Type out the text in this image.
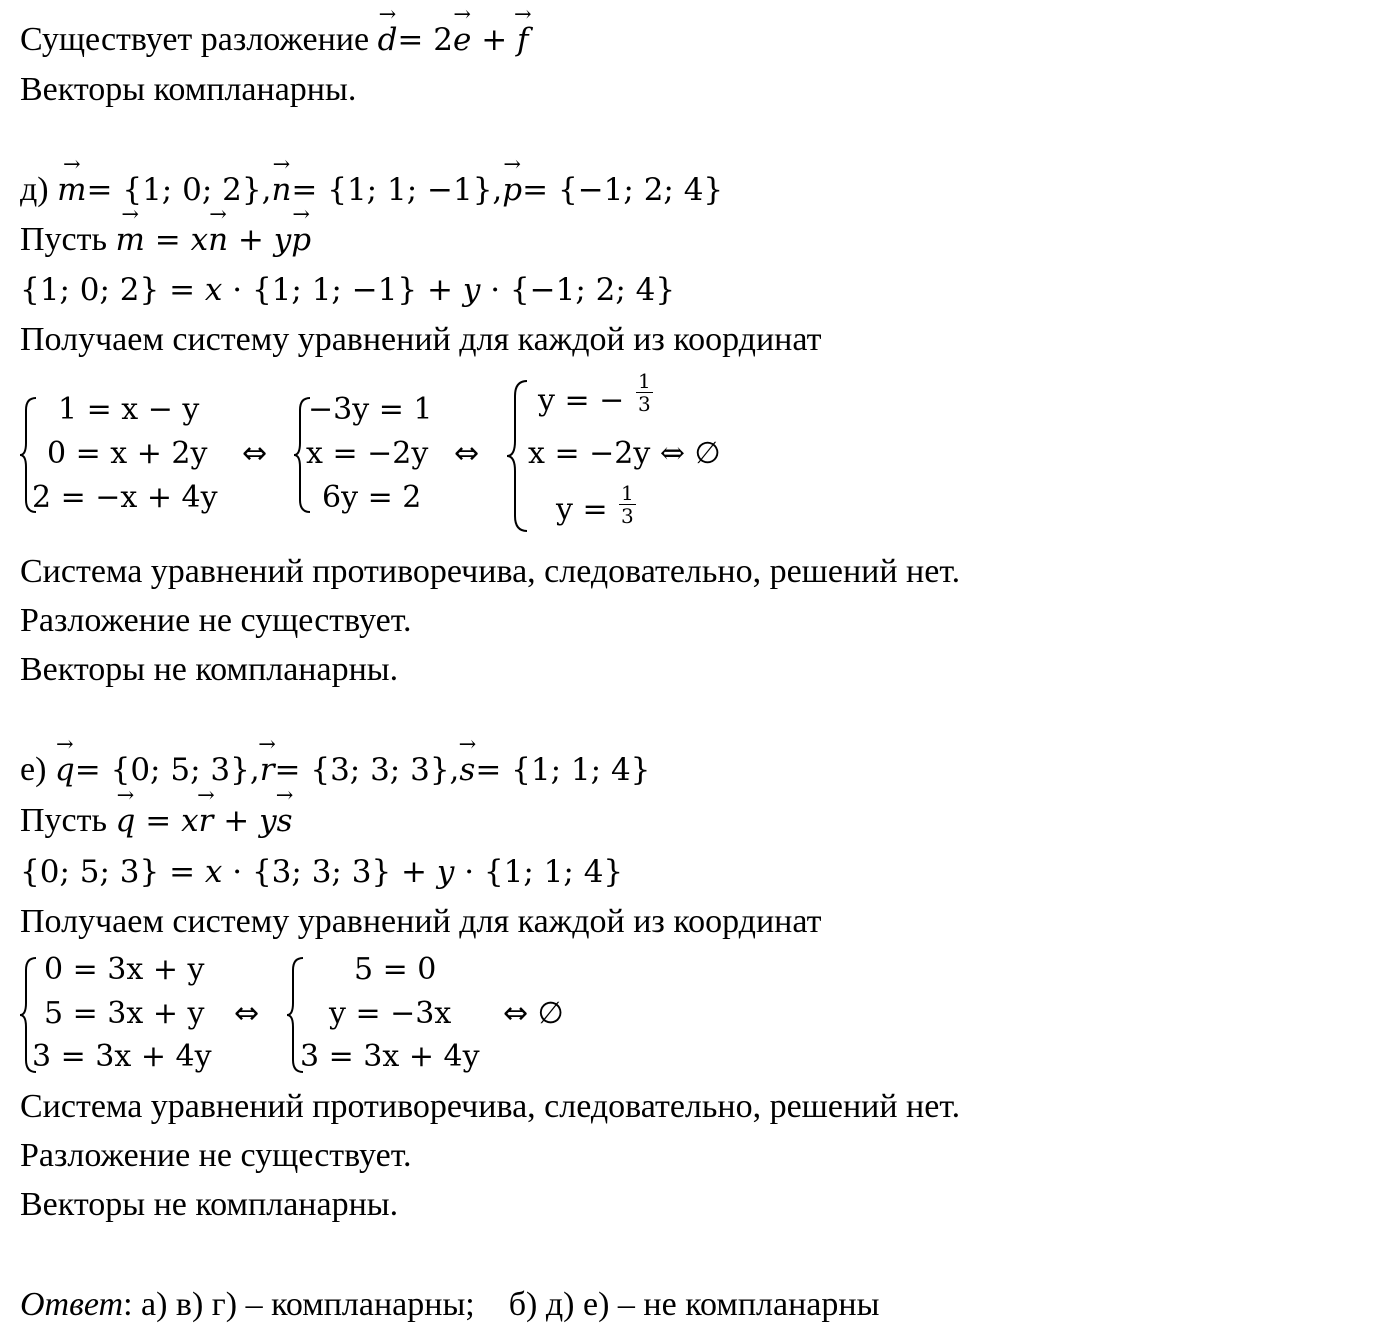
Существует разложение → d= 2→ e + → f
Векторы компланарны.
д) → m= {1; 0; 2},→ n= {1; 1; −1},→ p= {−1; 2; 4}
Пусть → m = x→ n + y→ p
{1; 0; 2} = x · {1; 1; −1} + y · {−1; 2; 4}
Получаем систему уравнений для каждой из координат
1 = x − y
0 = x + 2y
2 = −x + 4y
⇔
−3y = 1
x = −2y
6y = 2
⇔
y = − $\frac{1}{3}$
x = −2y ⇔ ∅
$y = \frac{1}{3}$
Система уравнений противоречива, следовательно, решений нет.
Разложение не существует.
Векторы не компланарны.
е) → q= {0; 5; 3},→ r= {3; 3; 3},→ s= {1; 1; 4}
Пусть → q = x→ r + y→ s
{0; 5; 3} = x · {3; 3; 3} + y · {1; 1; 4}
Получаем систему уравнений для каждой из координат
0 = 3x + y
5 = 3x + y
3 = 3x + 4y
⇔
5 = 0
y = −3x
3 = 3x + 4y
⇔ ∅
Система уравнений противоречива, следовательно, решений нет.
Разложение не существует.
Векторы не компланарны.
Ответ: а) в) г) – компланарны;    б) д) е) – не компланарны
